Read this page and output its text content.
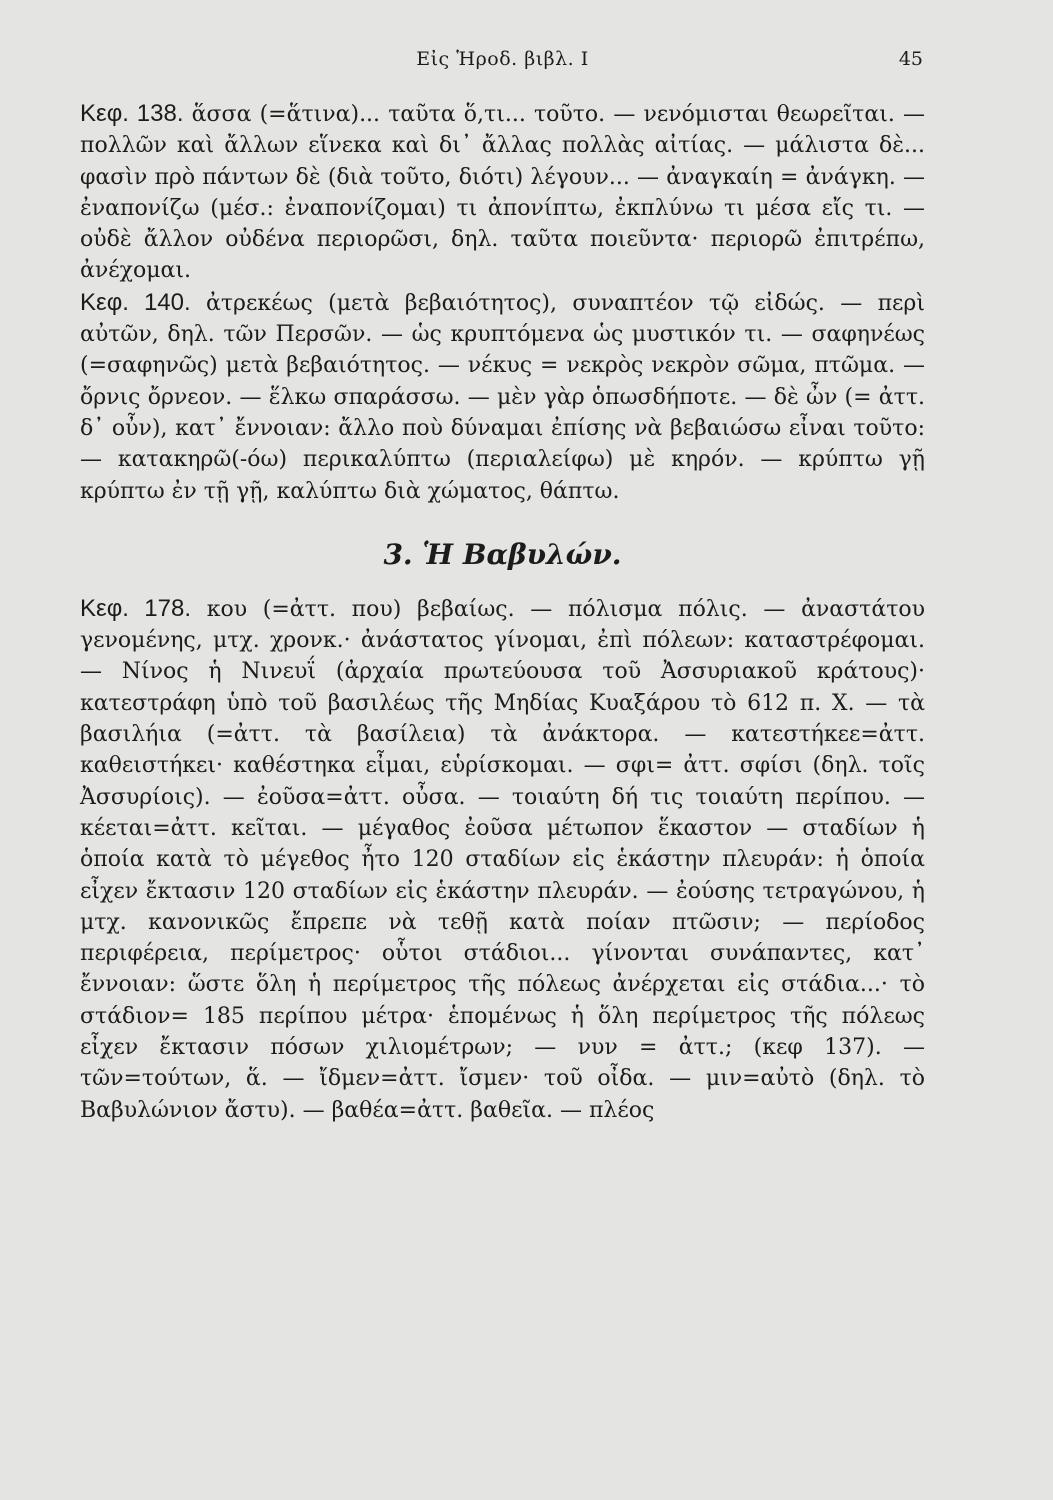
Εἰς Ἡροδ. βιβλ. Ι	45

Κεφ. 138. ἅσσα (=ἅτινα)... ταῦτα ὅ,τι... τοῦτο. — νενόμισται θεωρεῖται. — πολλῶν καὶ ἄλλων εἵνεκα καὶ δι᾽ ἄλλας πολλὰς αἰτίας. — μάλιστα δὲ... φασὶν πρὸ πάντων δὲ (διὰ τοῦτο, διότι) λέγουν... — ἀναγκαίη = ἀνάγκη. — ἐναπονίζω (μέσ.: ἐναπονίζομαι) τι ἀπονίπτω, ἐκπλύνω τι μέσα εἴς τι. — οὐδὲ ἄλλον οὐδένα περιορῶσι, δηλ. ταῦτα ποιεῦντα· περιορῶ ἐπιτρέπω, ἀνέχομαι.

Κεφ. 140. ἀτρεκέως (μετὰ βεβαιότητος), συναπτέον τῷ εἰδώς. — περὶ αὐτῶν, δηλ. τῶν Περσῶν. — ὡς κρυπτόμενα ὡς μυστικόν τι. — σαφηνέως (=σαφηνῶς) μετὰ βεβαιότητος. — νέκυς = νεκρὸς νεκρὸν σῶμα, πτῶμα. — ὄρνις ὄρνεον. — ἕλκω σπαράσσω. — μὲν γὰρ ὁπωσδήποτε. — δὲ ὦν (= ἀττ. δ᾽ οὖν), κατ᾽ ἔννοιαν: ἄλλο ποὺ δύναμαι ἐπίσης νὰ βεβαιώσω εἶναι τοῦτο: — κατακηρῶ(-όω) περικαλύπτω (περιαλείφω) μὲ κηρόν. — κρύπτω γῇ κρύπτω ἐν τῇ γῇ, καλύπτω διὰ χώματος, θάπτω.

3. Ἡ Βαβυλών.

Κεφ. 178. κου (=ἀττ. που) βεβαίως. — πόλισμα πόλις. — ἀναστάτου γενομένης, μτχ. χρονκ.· ἀνάστατος γίνομαι, ἐπὶ πόλεων: καταστρέφομαι. — Νίνος ἡ Νινευΐ (ἀρχαία πρωτεύουσα τοῦ Ἀσσυριακοῦ κράτους)· κατεστράφη ὑπὸ τοῦ βασιλέως τῆς Μηδίας Κυαξάρου τὸ 612 π. Χ. — τὰ βασιλήια (=ἀττ. τὰ βασίλεια) τὰ ἀνάκτορα. — κατεστήκεε=ἀττ. καθειστήκει· καθέστηκα εἶμαι, εὑρίσκομαι. — σφι= ἀττ. σφίσι (δηλ. τοῖς Ἀσσυρίοις). — ἐοῦσα=ἀττ. οὖσα. — τοιαύτη δή τις τοιαύτη περίπου. — κέεται=ἀττ. κεῖται. — μέγαθος ἐοῦσα μέτωπον ἕκαστον — σταδίων ἡ ὁποία κατὰ τὸ μέγεθος ἦτο 120 σταδίων εἰς ἑκάστην πλευράν: ἡ ὁποία εἶχεν ἔκτασιν 120 σταδίων εἰς ἑκάστην πλευράν. — ἐούσης τετραγώνου, ἡ μτχ. κανονικῶς ἔπρεπε νὰ τεθῇ κατὰ ποίαν πτῶσιν; — περίοδος περιφέρεια, περίμετρος· οὗτοι στάδιοι... γίνονται συνάπαντες, κατ᾽ ἔννοιαν: ὥστε ὅλη ἡ περίμετρος τῆς πόλεως ἀνέρχεται εἰς στάδια...· τὸ στάδιον= 185 περίπου μέτρα· ἑπομένως ἡ ὅλη περίμετρος τῆς πόλεως εἶχεν ἔκτασιν πόσων χιλιομέτρων; — νυν = ἀττ.; (κεφ 137). — τῶν=τούτων, ἅ. — ἴδμεν=ἀττ. ἴσμεν· τοῦ οἶδα. — μιν=αὐτὸ (δηλ. τὸ Βαβυλώνιον ἄστυ). — βαθέα=ἀττ. βαθεῖα. — πλέος
